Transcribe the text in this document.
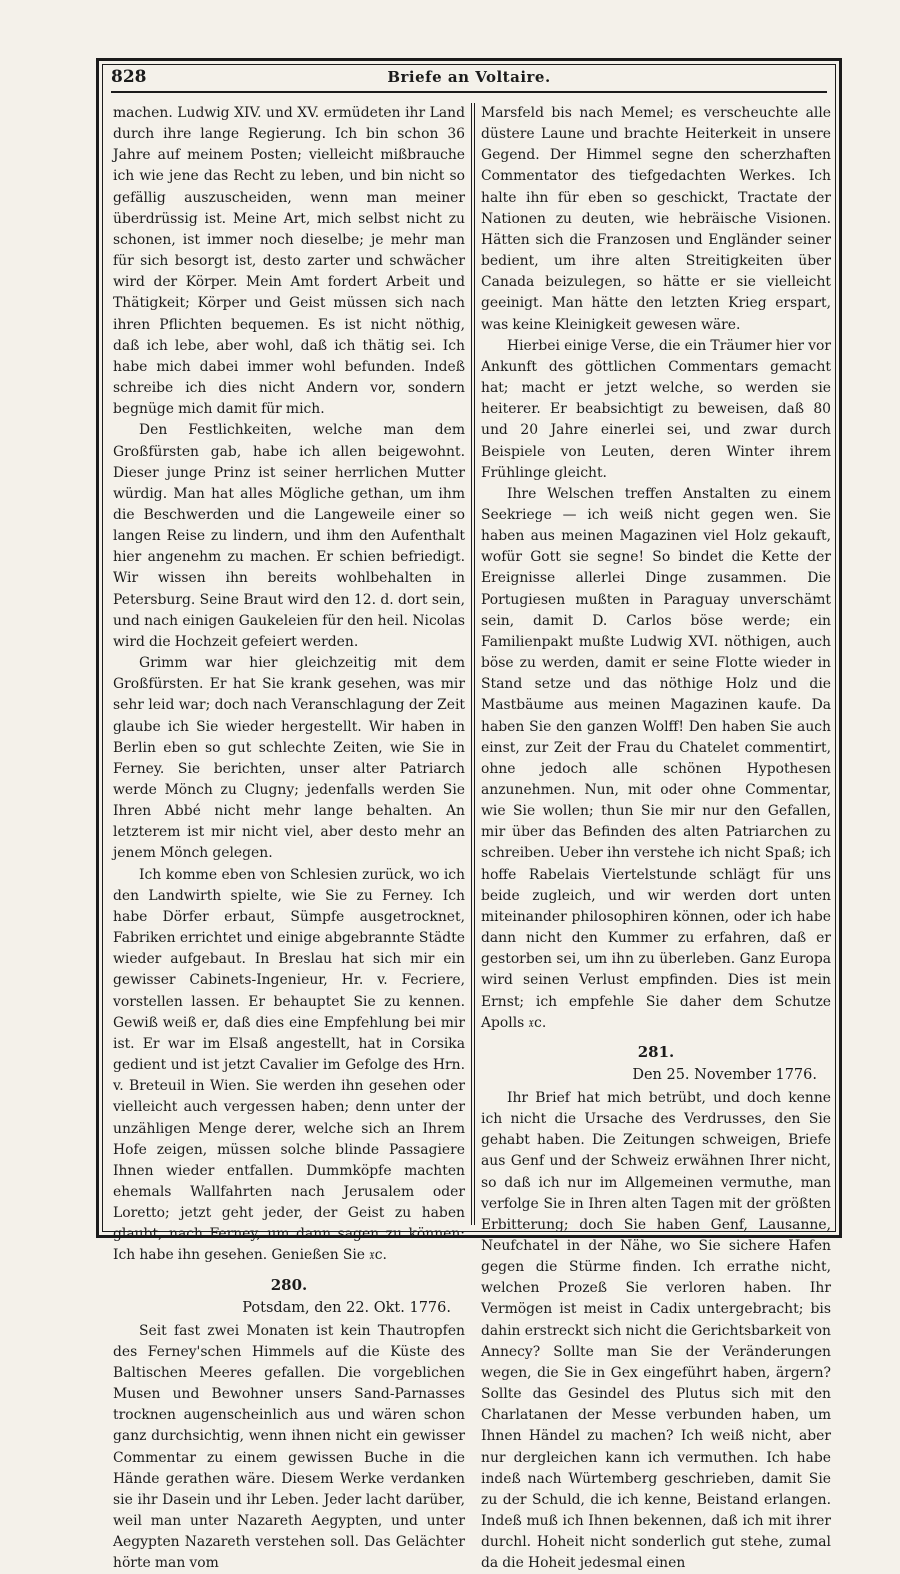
828	Briefe an Voltaire.

machen. Ludwig XIV. und XV. ermüdeten ihr Land durch ihre lange Regierung. Ich bin schon 36 Jahre auf meinem Posten; vielleicht mißbrauche ich wie jene das Recht zu leben, und bin nicht so gefällig auszuscheiden, wenn man meiner überdrüssig ist. Meine Art, mich selbst nicht zu schonen, ist immer noch dieselbe; je mehr man für sich besorgt ist, desto zarter und schwächer wird der Körper. Mein Amt fordert Arbeit und Thätigkeit; Körper und Geist müssen sich nach ihren Pflichten bequemen. Es ist nicht nöthig, daß ich lebe, aber wohl, daß ich thätig sei. Ich habe mich dabei immer wohl befunden. Indeß schreibe ich dies nicht Andern vor, sondern begnüge mich damit für mich.

Den Festlichkeiten, welche man dem Großfürsten gab, habe ich allen beigewohnt. Dieser junge Prinz ist seiner herrlichen Mutter würdig. Man hat alles Mögliche gethan, um ihm die Beschwerden und die Langeweile einer so langen Reise zu lindern, und ihm den Aufenthalt hier angenehm zu machen. Er schien befriedigt. Wir wissen ihn bereits wohlbehalten in Petersburg. Seine Braut wird den 12. d. dort sein, und nach einigen Gaukeleien für den heil. Nicolas wird die Hochzeit gefeiert werden.

Grimm war hier gleichzeitig mit dem Großfürsten. Er hat Sie krank gesehen, was mir sehr leid war; doch nach Veranschlagung der Zeit glaube ich Sie wieder hergestellt. Wir haben in Berlin eben so gut schlechte Zeiten, wie Sie in Ferney. Sie berichten, unser alter Patriarch werde Mönch zu Clugny; jedenfalls werden Sie Ihren Abbé nicht mehr lange behalten. An letzterem ist mir nicht viel, aber desto mehr an jenem Mönch gelegen.

Ich komme eben von Schlesien zurück, wo ich den Landwirth spielte, wie Sie zu Ferney. Ich habe Dörfer erbaut, Sümpfe ausgetrocknet, Fabriken errichtet und einige abgebrannte Städte wieder aufgebaut. In Breslau hat sich mir ein gewisser Cabinets-Ingenieur, Hr. v. Fecriere, vorstellen lassen. Er behauptet Sie zu kennen. Gewiß weiß er, daß dies eine Empfehlung bei mir ist. Er war im Elsaß angestellt, hat in Corsika gedient und ist jetzt Cavalier im Gefolge des Hrn. v. Breteuil in Wien. Sie werden ihn gesehen oder vielleicht auch vergessen haben; denn unter der unzähligen Menge derer, welche sich an Ihrem Hofe zeigen, müssen solche blinde Passagiere Ihnen wieder entfallen. Dummköpfe machten ehemals Wallfahrten nach Jerusalem oder Loretto; jetzt geht jeder, der Geist zu haben glaubt, nach Ferney, um dann sagen zu können: Ich habe ihn gesehen. Genießen Sie 𝔵c.

280.
Potsdam, den 22. Okt. 1776.

Seit fast zwei Monaten ist kein Thautropfen des Ferney'schen Himmels auf die Küste des Baltischen Meeres gefallen. Die vorgeblichen Musen und Bewohner unsers Sand-Parnasses trocknen augenscheinlich aus und wären schon ganz durchsichtig, wenn ihnen nicht ein gewisser Commentar zu einem gewissen Buche in die Hände gerathen wäre. Diesem Werke verdanken sie ihr Dasein und ihr Leben. Jeder lacht darüber, weil man unter Nazareth Aegypten, und unter Aegypten Nazareth verstehen soll. Das Gelächter hörte man vom

Marsfeld bis nach Memel; es verscheuchte alle düstere Laune und brachte Heiterkeit in unsere Gegend. Der Himmel segne den scherzhaften Commentator des tiefgedachten Werkes. Ich halte ihn für eben so geschickt, Tractate der Nationen zu deuten, wie hebräische Visionen. Hätten sich die Franzosen und Engländer seiner bedient, um ihre alten Streitigkeiten über Canada beizulegen, so hätte er sie vielleicht geeinigt. Man hätte den letzten Krieg erspart, was keine Kleinigkeit gewesen wäre.

Hierbei einige Verse, die ein Träumer hier vor Ankunft des göttlichen Commentars gemacht hat; macht er jetzt welche, so werden sie heiterer. Er beabsichtigt zu beweisen, daß 80 und 20 Jahre einerlei sei, und zwar durch Beispiele von Leuten, deren Winter ihrem Frühlinge gleicht.

Ihre Welschen treffen Anstalten zu einem Seekriege — ich weiß nicht gegen wen. Sie haben aus meinen Magazinen viel Holz gekauft, wofür Gott sie segne! So bindet die Kette der Ereignisse allerlei Dinge zusammen. Die Portugiesen mußten in Paraguay unverschämt sein, damit D. Carlos böse werde; ein Familienpakt mußte Ludwig XVI. nöthigen, auch böse zu werden, damit er seine Flotte wieder in Stand setze und das nöthige Holz und die Mastbäume aus meinen Magazinen kaufe. Da haben Sie den ganzen Wolff! Den haben Sie auch einst, zur Zeit der Frau du Chatelet commentirt, ohne jedoch alle schönen Hypothesen anzunehmen. Nun, mit oder ohne Commentar, wie Sie wollen; thun Sie mir nur den Gefallen, mir über das Befinden des alten Patriarchen zu schreiben. Ueber ihn verstehe ich nicht Spaß; ich hoffe Rabelais Viertelstunde schlägt für uns beide zugleich, und wir werden dort unten miteinander philosophiren können, oder ich habe dann nicht den Kummer zu erfahren, daß er gestorben sei, um ihn zu überleben. Ganz Europa wird seinen Verlust empfinden. Dies ist mein Ernst; ich empfehle Sie daher dem Schutze Apolls 𝔵c.

281.
Den 25. November 1776.

Ihr Brief hat mich betrübt, und doch kenne ich nicht die Ursache des Verdrusses, den Sie gehabt haben. Die Zeitungen schweigen, Briefe aus Genf und der Schweiz erwähnen Ihrer nicht, so daß ich nur im Allgemeinen vermuthe, man verfolge Sie in Ihren alten Tagen mit der größten Erbitterung; doch Sie haben Genf, Lausanne, Neufchatel in der Nähe, wo Sie sichere Hafen gegen die Stürme finden. Ich errathe nicht, welchen Prozeß Sie verloren haben. Ihr Vermögen ist meist in Cadix untergebracht; bis dahin erstreckt sich nicht die Gerichtsbarkeit von Annecy? Sollte man Sie der Veränderungen wegen, die Sie in Gex eingeführt haben, ärgern? Sollte das Gesindel des Plutus sich mit den Charlatanen der Messe verbunden haben, um Ihnen Händel zu machen? Ich weiß nicht, aber nur dergleichen kann ich vermuthen. Ich habe indeß nach Würtemberg geschrieben, damit Sie zu der Schuld, die ich kenne, Beistand erlangen. Indeß muß ich Ihnen bekennen, daß ich mit ihrer durchl. Hoheit nicht sonderlich gut stehe, zumal da die Hoheit jedesmal einen
